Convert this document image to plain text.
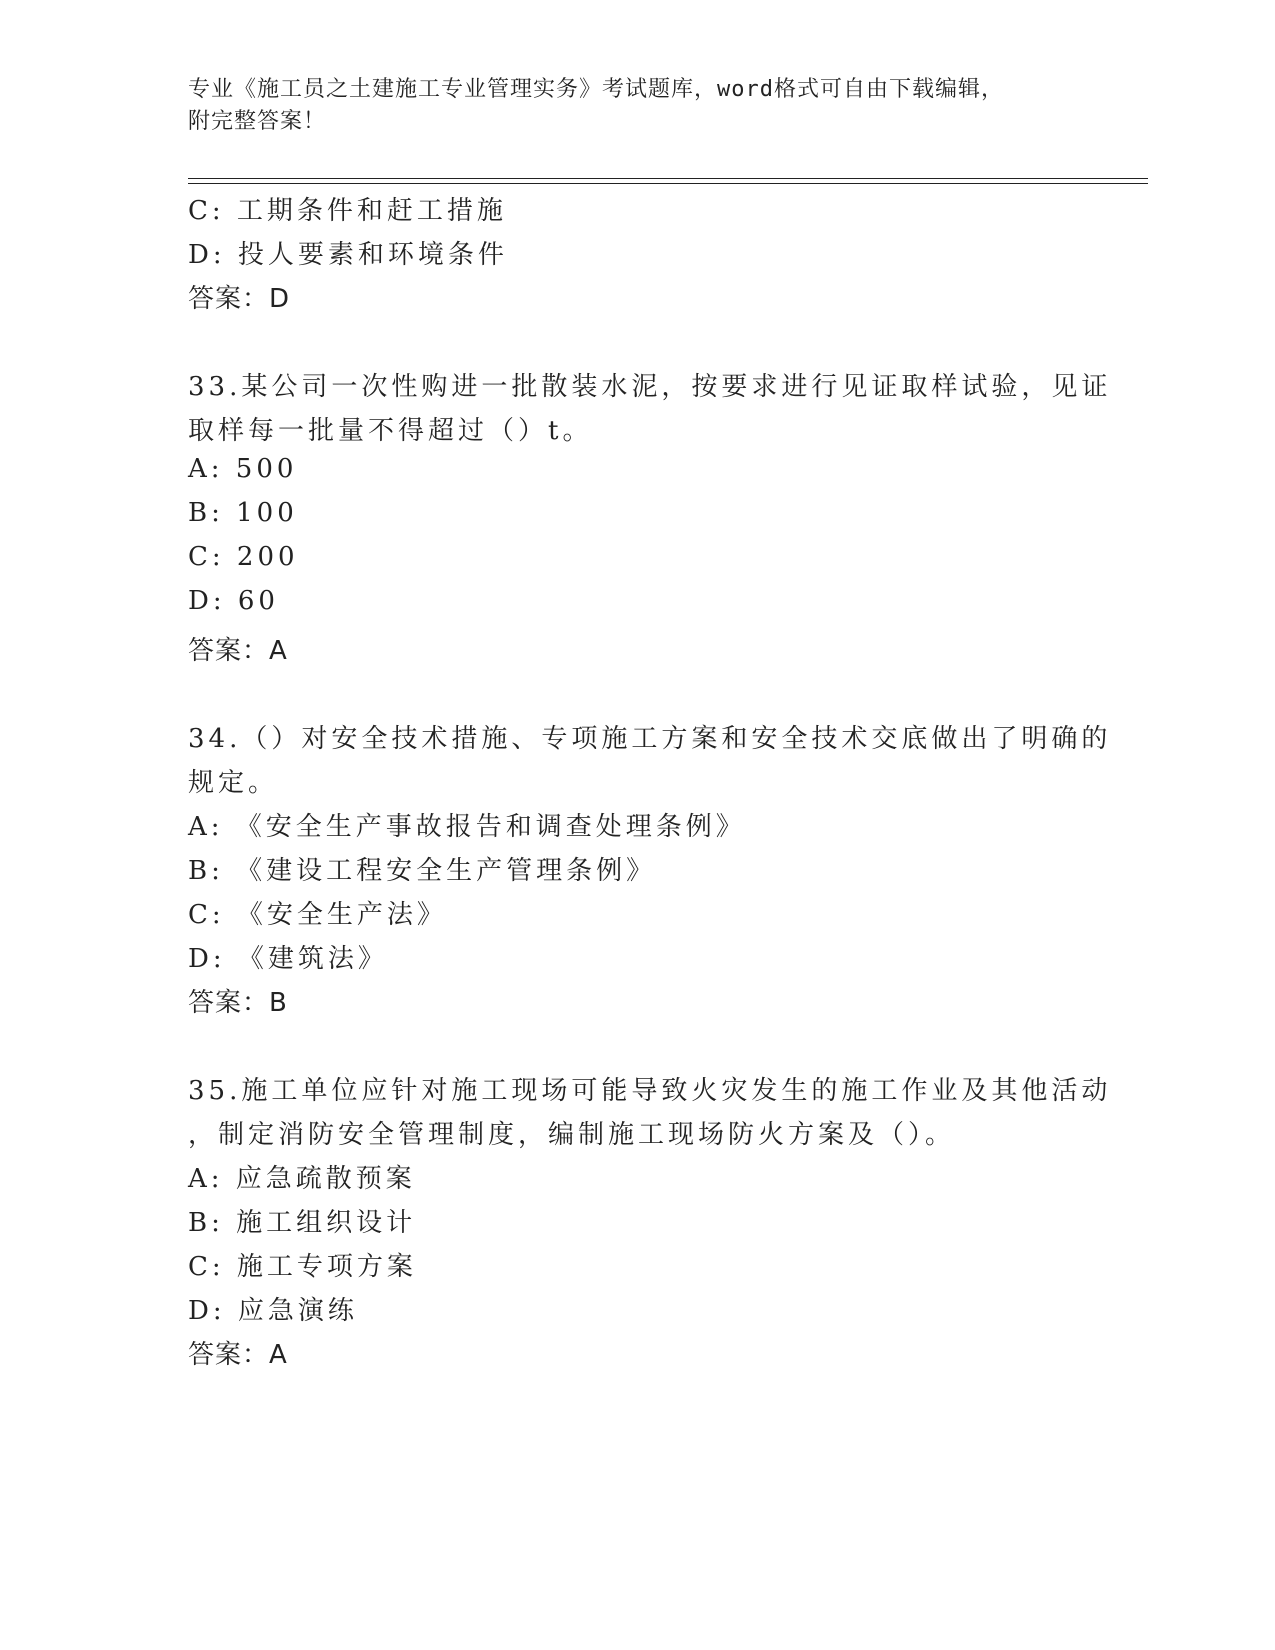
专业《施工员之土建施工专业管理实务》考试题库，word格式可自由下载编辑，
附完整答案！
C: 工期条件和赶工措施
D: 投人要素和环境条件
答案：D
33.某公司一次性购进一批散装水泥，按要求进行见证取样试验，见证
取样每一批量不得超过（）t。
A: 500
B: 100
C: 200
D: 60
答案：A
34.（）对安全技术措施、专项施工方案和安全技术交底做出了明确的
规定。
A: 《安全生产事故报告和调查处理条例》
B: 《建设工程安全生产管理条例》
C: 《安全生产法》
D: 《建筑法》
答案：B
35.施工单位应针对施工现场可能导致火灾发生的施工作业及其他活动
，制定消防安全管理制度，编制施工现场防火方案及（）。
A: 应急疏散预案
B: 施工组织设计
C: 施工专项方案
D: 应急演练
答案：A
